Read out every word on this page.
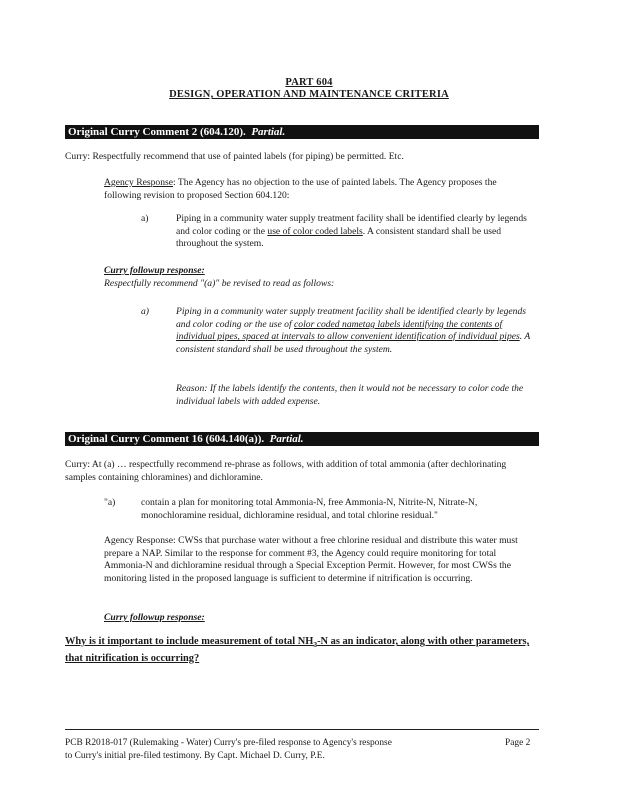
PART 604
DESIGN, OPERATION AND MAINTENANCE CRITERIA
Original Curry Comment 2 (604.120). Partial.
Curry: Respectfully recommend that use of painted labels (for piping) be permitted. Etc.
Agency Response: The Agency has no objection to the use of painted labels. The Agency proposes the following revision to proposed Section 604.120:
a)	Piping in a community water supply treatment facility shall be identified clearly by legends and color coding or the use of color coded labels. A consistent standard shall be used throughout the system.
Curry followup response:
Respectfully recommend "(a)" be revised to read as follows:
a)	Piping in a community water supply treatment facility shall be identified clearly by legends and color coding or the use of color coded nametag labels identifying the contents of individual pipes, spaced at intervals to allow convenient identification of individual pipes. A consistent standard shall be used throughout the system.
Reason: If the labels identify the contents, then it would not be necessary to color code the individual labels with added expense.
Original Curry Comment 16 (604.140(a)). Partial.
Curry: At (a) … respectfully recommend re-phrase as follows, with addition of total ammonia (after dechlorinating samples containing chloramines) and dichloramine.
"a)	contain a plan for monitoring total Ammonia-N, free Ammonia-N, Nitrite-N, Nitrate-N, monochloramine residual, dichloramine residual, and total chlorine residual."
Agency Response: CWSs that purchase water without a free chlorine residual and distribute this water must prepare a NAP. Similar to the response for comment #3, the Agency could require monitoring for total Ammonia-N and dichloramine residual through a Special Exception Permit. However, for most CWSs the monitoring listed in the proposed language is sufficient to determine if nitrification is occurring.
Curry followup response:
Why is it important to include measurement of total $NH_3-N$ as an indicator, along with other parameters, that nitrification is occurring?
PCB R2018-017 (Rulemaking - Water) Curry's pre-filed response to Agency's response	Page 2
to Curry's initial pre-filed testimony. By Capt. Michael D. Curry, P.E.
